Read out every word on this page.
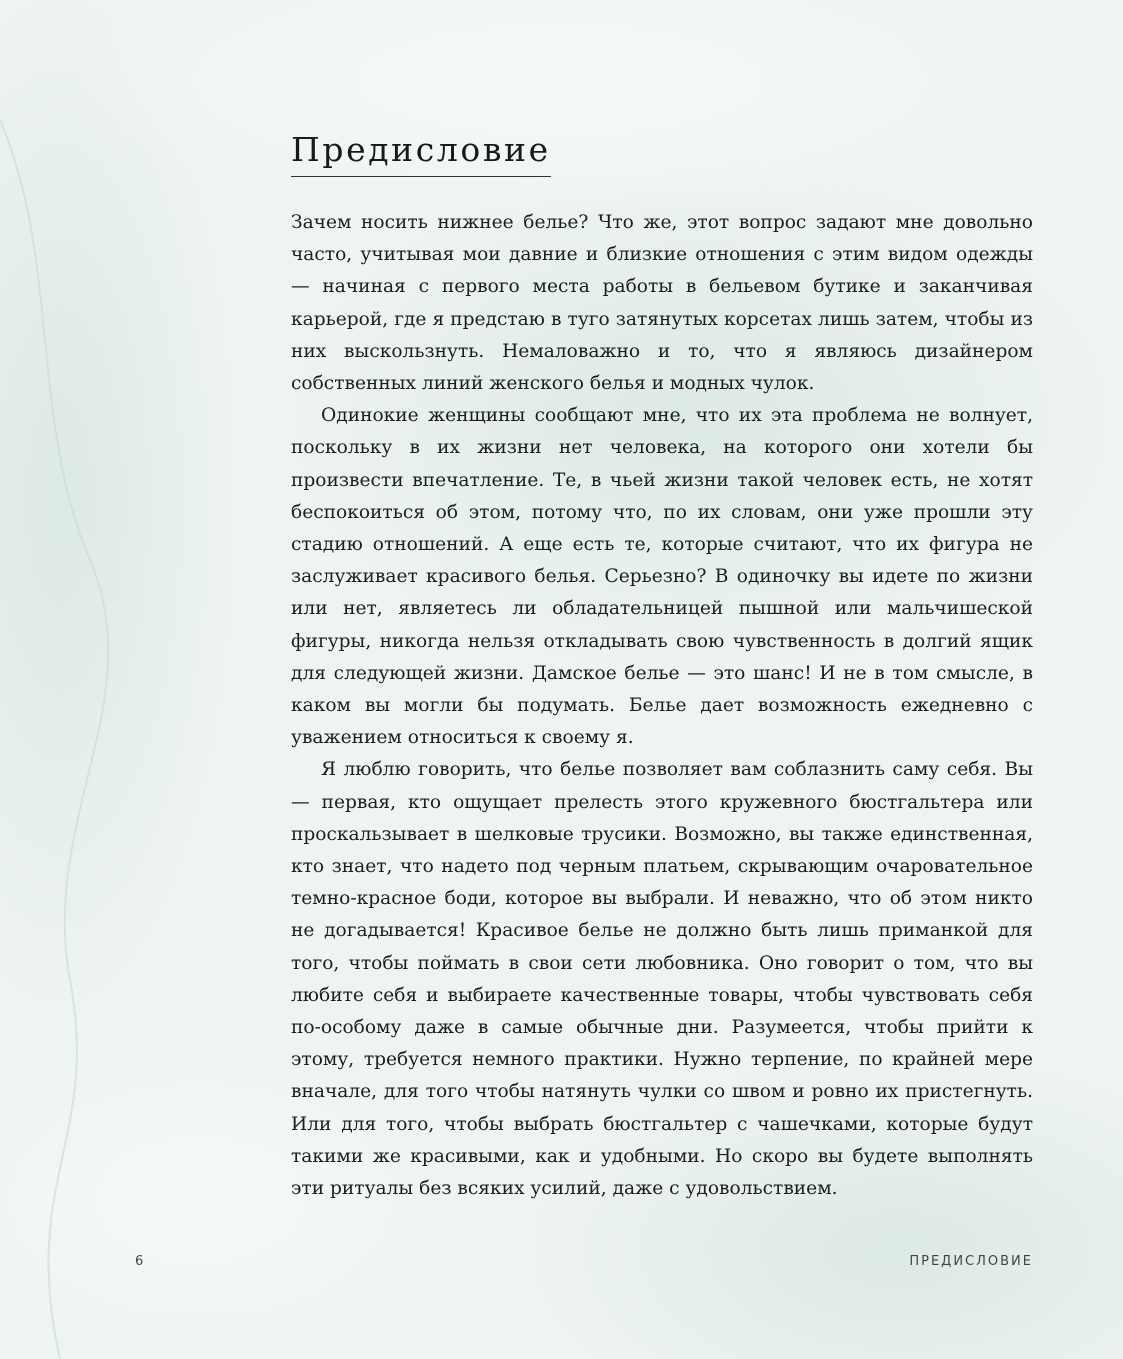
Предисловие

Зачем носить нижнее белье? Что же, этот вопрос задают мне довольно часто, учитывая мои давние и близкие отношения с этим видом одежды — начиная с первого места работы в бельевом бутике и заканчивая карьерой, где я предстаю в туго затянутых корсетах лишь затем, чтобы из них выскользнуть. Немаловажно и то, что я являюсь дизайнером собственных линий женского белья и модных чулок.

Одинокие женщины сообщают мне, что их эта проблема не волнует, поскольку в их жизни нет человека, на которого они хотели бы произвести впечатление. Те, в чьей жизни такой человек есть, не хотят беспокоиться об этом, потому что, по их словам, они уже прошли эту стадию отношений. А еще есть те, которые считают, что их фигура не заслуживает красивого белья. Серьезно? В одиночку вы идете по жизни или нет, являетесь ли обладательницей пышной или мальчишеской фигуры, никогда нельзя откладывать свою чувственность в долгий ящик для следующей жизни. Дамское белье — это шанс! И не в том смысле, в каком вы могли бы подумать. Белье дает возможность ежедневно с уважением относиться к своему я.

Я люблю говорить, что белье позволяет вам соблазнить саму себя. Вы — первая, кто ощущает прелесть этого кружевного бюстгальтера или проскальзывает в шелковые трусики. Возможно, вы также единственная, кто знает, что надето под черным платьем, скрывающим очаровательное темно-красное боди, которое вы выбрали. И неважно, что об этом никто не догадывается! Красивое белье не должно быть лишь приманкой для того, чтобы поймать в свои сети любовника. Оно говорит о том, что вы любите себя и выбираете качественные товары, чтобы чувствовать себя по-особому даже в самые обычные дни. Разумеется, чтобы прийти к этому, требуется немного практики. Нужно терпение, по крайней мере вначале, для того чтобы натянуть чулки со швом и ровно их пристегнуть. Или для того, чтобы выбрать бюстгальтер с чашечками, которые будут такими же красивыми, как и удобными. Но скоро вы будете выполнять эти ритуалы без всяких усилий, даже с удовольствием.

6	ПРЕДИСЛОВИЕ
